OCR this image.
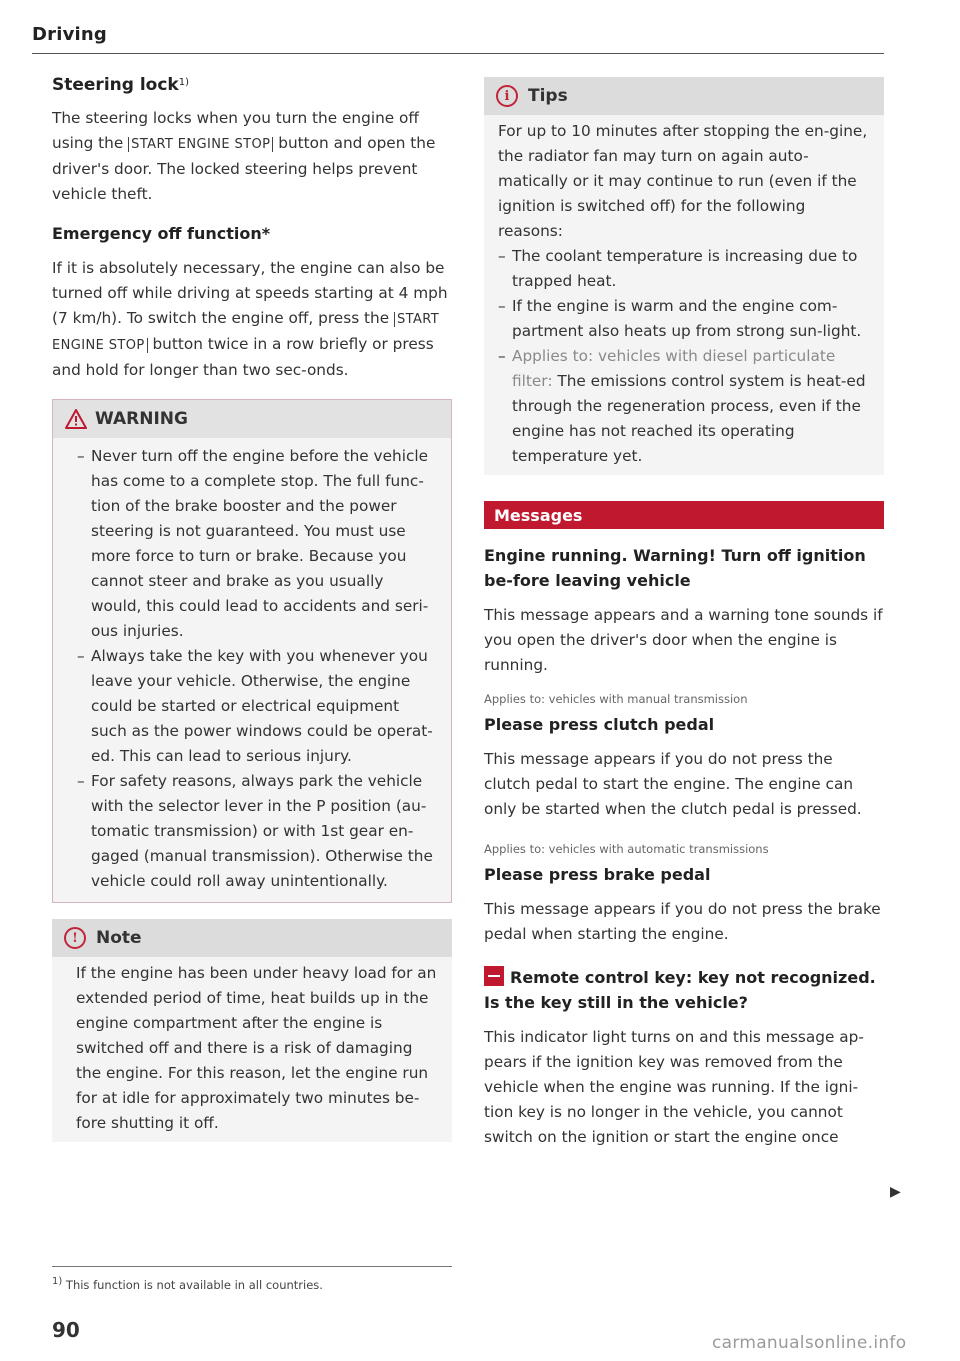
Driving
Steering lock$^{1)}$

The steering locks when you turn the engine off using the START ENGINE STOP button and open the driver's door. The locked steering helps prevent vehicle theft.

Emergency off function*

If it is absolutely necessary, the engine can also be turned off while driving at speeds starting at 4 mph (7 km/h). To switch the engine off, press the START ENGINE STOP button twice in a row briefly or press and hold for longer than two sec-onds.

WARNING
– Never turn off the engine before the vehicle has come to a complete stop. The full func-tion of the brake booster and the power steering is not guaranteed. You must use more force to turn or brake. Because you cannot steer and brake as you usually would, this could lead to accidents and seri-ous injuries.
– Always take the key with you whenever you leave your vehicle. Otherwise, the engine could be started or electrical equipment such as the power windows could be operat-ed. This can lead to serious injury.
– For safety reasons, always park the vehicle with the selector lever in the P position (au-tomatic transmission) or with 1st gear en-gaged (manual transmission). Otherwise the vehicle could roll away unintentionally.
!	Note

If the engine has been under heavy load for an extended period of time, heat builds up in the engine compartment after the engine is switched off and there is a risk of damaging the engine. For this reason, let the engine run for at idle for approximately two minutes be-fore shutting it off.

i	Tips

For up to 10 minutes after stopping the en-gine, the radiator fan may turn on again auto-matically or it may continue to run (even if the ignition is switched off) for the following reasons:

– The coolant temperature is increasing due to trapped heat.
– If the engine is warm and the engine com-partment also heats up from strong sun-light.
– Applies to: vehicles with diesel particulate filter: The emissions control system is heat-ed through the regeneration process, even if the engine has not reached its operating temperature yet.
Messages
Engine running. Warning! Turn off ignition be-fore leaving vehicle

This message appears and a warning tone sounds if you open the driver's door when the engine is running.

Applies to: vehicles with manual transmission
Please press clutch pedal

This message appears if you do not press the clutch pedal to start the engine. The engine can only be started when the clutch pedal is pressed.

Applies to: vehicles with automatic transmissions
Please press brake pedal

This message appears if you do not press the brake pedal when starting the engine.

Remote control key: key not recognized. Is the key still in the vehicle?

This indicator light turns on and this message ap-pears if the ignition key was removed from the vehicle when the engine was running. If the igni-tion key is no longer in the vehicle, you cannot switch on the ignition or start the engine once

▶
$^{1)}$ This function is not available in all countries.
90
carmanualsonline.info
